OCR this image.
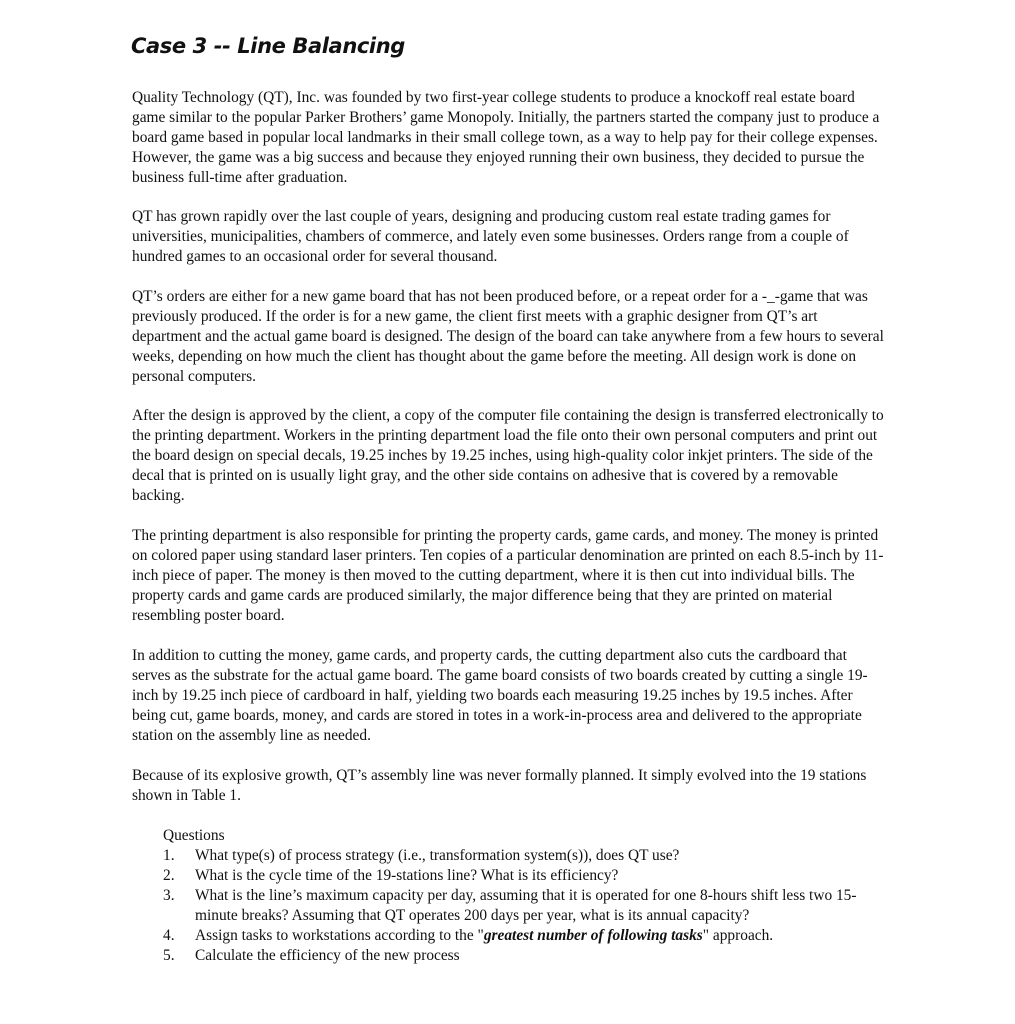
Case 3 -- Line Balancing

Quality Technology (QT), Inc. was founded by two first-year college students to produce a knockoff real estate board game similar to the popular Parker Brothers’ game Monopoly. Initially, the partners started the company just to produce a board game based in popular local landmarks in their small college town, as a way to help pay for their college expenses. However, the game was a big success and because they enjoyed running their own business, they decided to pursue the business full-time after graduation.

QT has grown rapidly over the last couple of years, designing and producing custom real estate trading games for universities, municipalities, chambers of commerce, and lately even some businesses. Orders range from a couple of hundred games to an occasional order for several thousand.

QT’s orders are either for a new game board that has not been produced before, or a repeat order for a -_-game that was previously produced. If the order is for a new game, the client first meets with a graphic designer from QT’s art department and the actual game board is designed. The design of the board can take anywhere from a few hours to several weeks, depending on how much the client has thought about the game before the meeting. All design work is done on personal computers.

After the design is approved by the client, a copy of the computer file containing the design is transferred electronically to the printing department. Workers in the printing department load the file onto their own personal computers and print out the board design on special decals, 19.25 inches by 19.25 inches, using high-quality color inkjet printers. The side of the decal that is printed on is usually light gray, and the other side contains on adhesive that is covered by a removable backing.

The printing department is also responsible for printing the property cards, game cards, and money. The money is printed on colored paper using standard laser printers. Ten copies of a particular denomination are printed on each 8.5-inch by 11-inch piece of paper. The money is then moved to the cutting department, where it is then cut into individual bills. The property cards and game cards are produced similarly, the major difference being that they are printed on material resembling poster board.

In addition to cutting the money, game cards, and property cards, the cutting department also cuts the cardboard that serves as the substrate for the actual game board. The game board consists of two boards created by cutting a single 19-inch by 19.25 inch piece of cardboard in half, yielding two boards each measuring 19.25 inches by 19.5 inches. After being cut, game boards, money, and cards are stored in totes in a work-in-process area and delivered to the appropriate station on the assembly line as needed.

Because of its explosive growth, QT’s assembly line was never formally planned. It simply evolved into the 19 stations shown in Table 1.

Questions

1.	What type(s) of process strategy (i.e., transformation system(s)), does QT use?
2.	What is the cycle time of the 19-stations line? What is its efficiency?
3.	What is the line’s maximum capacity per day, assuming that it is operated for one 8-hours shift less two 15-minute breaks? Assuming that QT operates 200 days per year, what is its annual capacity?
4.	Assign tasks to workstations according to the "greatest number of following tasks" approach.
5.	Calculate the efficiency of the new process
